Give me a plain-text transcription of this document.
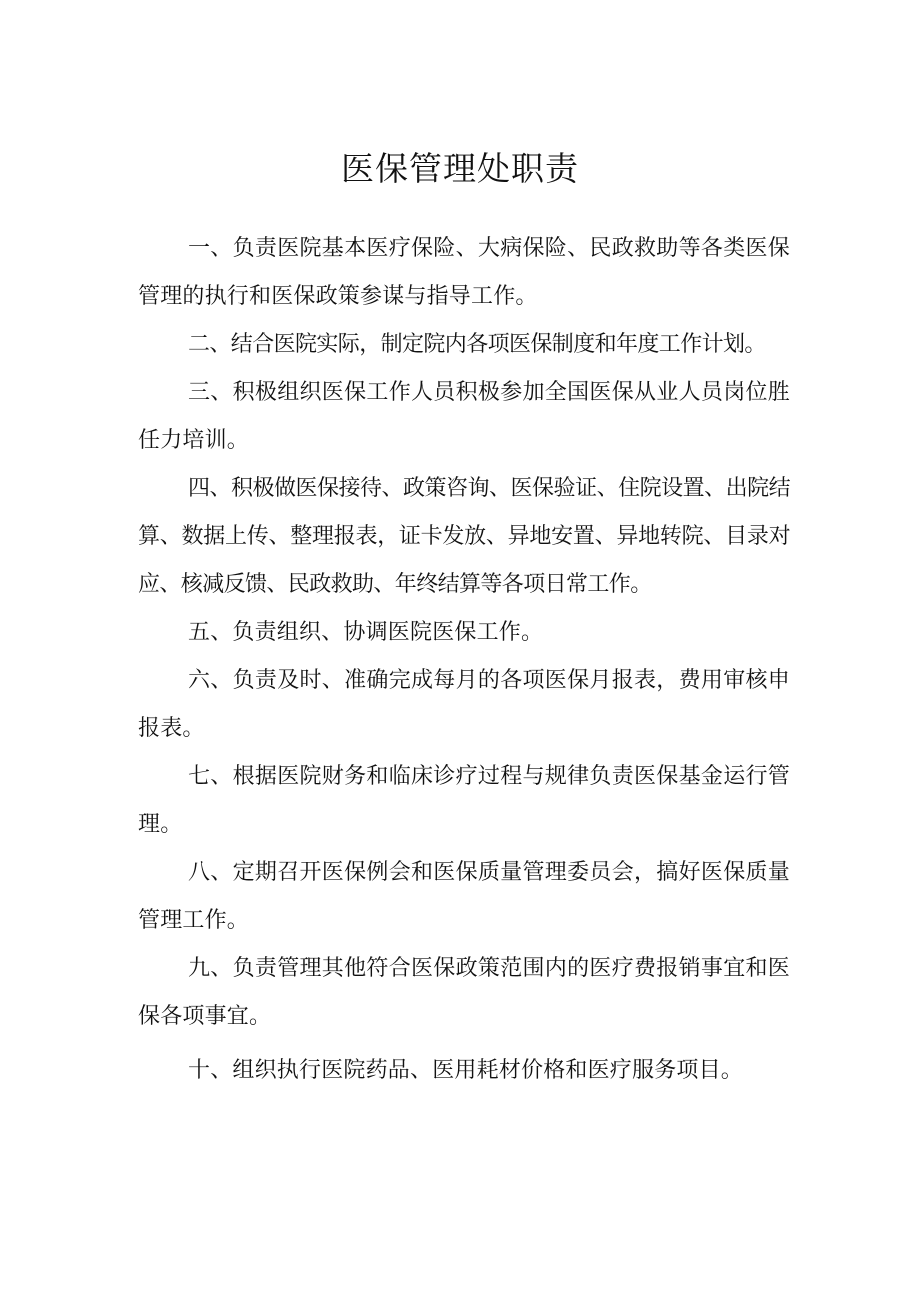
医保管理处职责

一、负责医院基本医疗保险、大病保险、民政救助等各类医保管理的执行和医保政策参谋与指导工作。

二、结合医院实际，制定院内各项医保制度和年度工作计划。

三、积极组织医保工作人员积极参加全国医保从业人员岗位胜任力培训。

四、积极做医保接待、政策咨询、医保验证、住院设置、出院结算、数据上传、整理报表，证卡发放、异地安置、异地转院、目录对应、核减反馈、民政救助、年终结算等各项日常工作。

五、负责组织、协调医院医保工作。

六、负责及时、准确完成每月的各项医保月报表，费用审核申报表。

七、根据医院财务和临床诊疗过程与规律负责医保基金运行管理。

八、定期召开医保例会和医保质量管理委员会，搞好医保质量管理工作。

九、负责管理其他符合医保政策范围内的医疗费报销事宜和医保各项事宜。

十、组织执行医院药品、医用耗材价格和医疗服务项目。
